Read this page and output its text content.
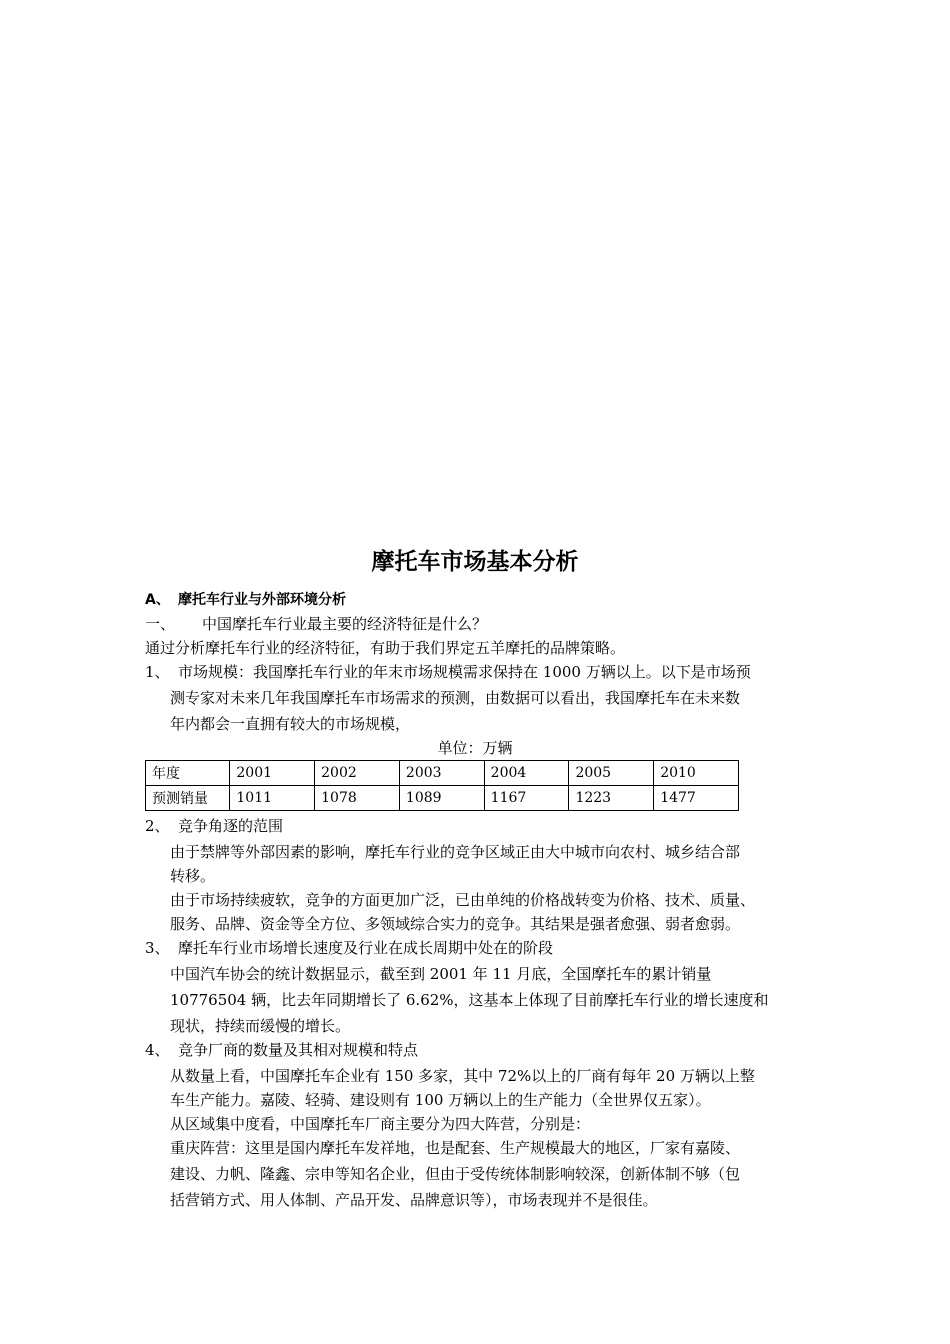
摩托车市场基本分析
A、 摩托车行业与外部环境分析
一、 中国摩托车行业最主要的经济特征是什么？
通过分析摩托车行业的经济特征，有助于我们界定五羊摩托的品牌策略。
1、 市场规模：我国摩托车行业的年末市场规模需求保持在 1000 万辆以上。以下是市场预
测专家对未来几年我国摩托车市场需求的预测，由数据可以看出，我国摩托车在未来数
年内都会一直拥有较大的市场规模，
单位：万辆
年度	2001	2002	2003	2004	2005	2010
预测销量	1011	1078	1089	1167	1223	1477
2、 竞争角逐的范围
由于禁牌等外部因素的影响，摩托车行业的竞争区域正由大中城市向农村、城乡结合部
转移。
由于市场持续疲软，竞争的方面更加广泛，已由单纯的价格战转变为价格、技术、质量、
服务、品牌、资金等全方位、多领域综合实力的竞争。其结果是强者愈强、弱者愈弱。
3、 摩托车行业市场增长速度及行业在成长周期中处在的阶段
中国汽车协会的统计数据显示，截至到 2001 年 11 月底，全国摩托车的累计销量
10776504 辆，比去年同期增长了 6.62%，这基本上体现了目前摩托车行业的增长速度和
现状，持续而缓慢的增长。
4、 竞争厂商的数量及其相对规模和特点
从数量上看，中国摩托车企业有 150 多家，其中 72%以上的厂商有每年 20 万辆以上整
车生产能力。嘉陵、轻骑、建设则有 100 万辆以上的生产能力（全世界仅五家）。
从区域集中度看，中国摩托车厂商主要分为四大阵营，分别是：
重庆阵营：这里是国内摩托车发祥地，也是配套、生产规模最大的地区，厂家有嘉陵、
建设、力帆、隆鑫、宗申等知名企业，但由于受传统体制影响较深，创新体制不够（包
括营销方式、用人体制、产品开发、品牌意识等），市场表现并不是很佳。
